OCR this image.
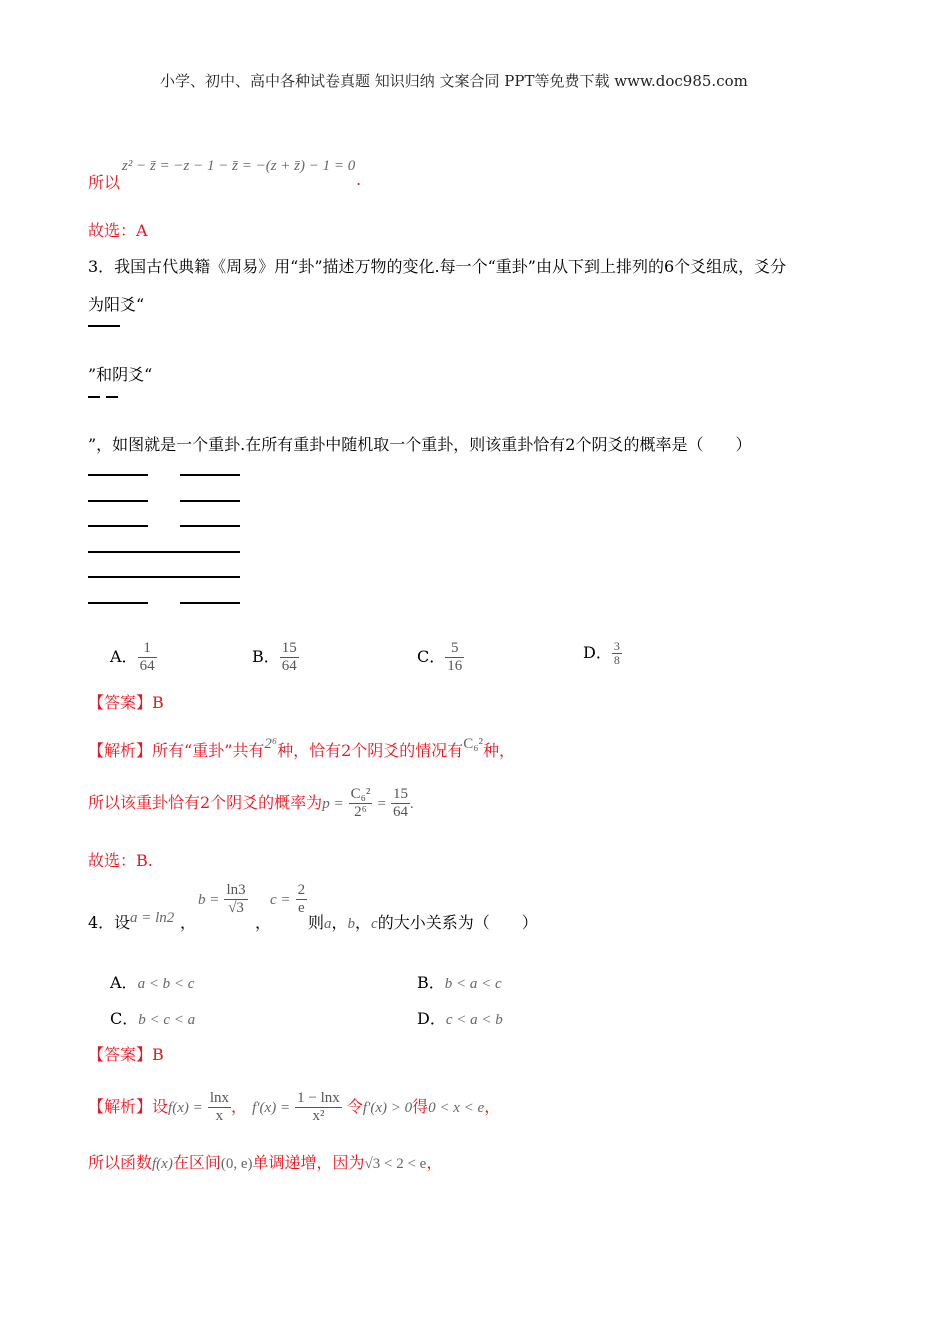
小学、初中、高中各种试卷真题 知识归纳 文案合同 PPT等免费下载 www.doc985.com
所以
z² − z̄ = −z − 1 − z̄ = −(z + z̄) − 1 = 0
.
故选：A
3．我国古代典籍《周易》用“卦”描述万物的变化.每一个“重卦”由从下到上排列的6个爻组成，爻分
为阳爻“
”和阴爻“
”，如图就是一个重卦.在所有重卦中随机取一个重卦，则该重卦恰有2个阴爻的概率是（　　）
A． $\frac{1}{64}$	B． $\frac{15}{64}$	C． $\frac{5}{16}$	D． $\frac{3}{8}$
【答案】B
【解析】所有“重卦”共有2⁶种，恰有2个阴爻的情况有C₆²种，
所以该重卦恰有2个阴爻的概率为$p = \frac{\text{C₆²}}{\text{2⁶}} = \frac{15}{64}$ .
故选：B.
4．设 a = ln2 ，
$b = \frac{\ln 3}{√3}$
，
$c = \frac{2}{e}$
则a，b，c的大小关系为（　　）
A．a < b < c	B．b < a < c
C．b < c < a	D．c < a < b
【答案】B
【解析】设$f(x) = \frac{\ln x}{x}$ ， $f'(x) = \frac{1 - \ln x}{\text{x²}}$ 令f′(x) > 0得0 < x < e，
所以函数f(x)在区间(0, e)单调递增，因为√3 < 2 < e，
